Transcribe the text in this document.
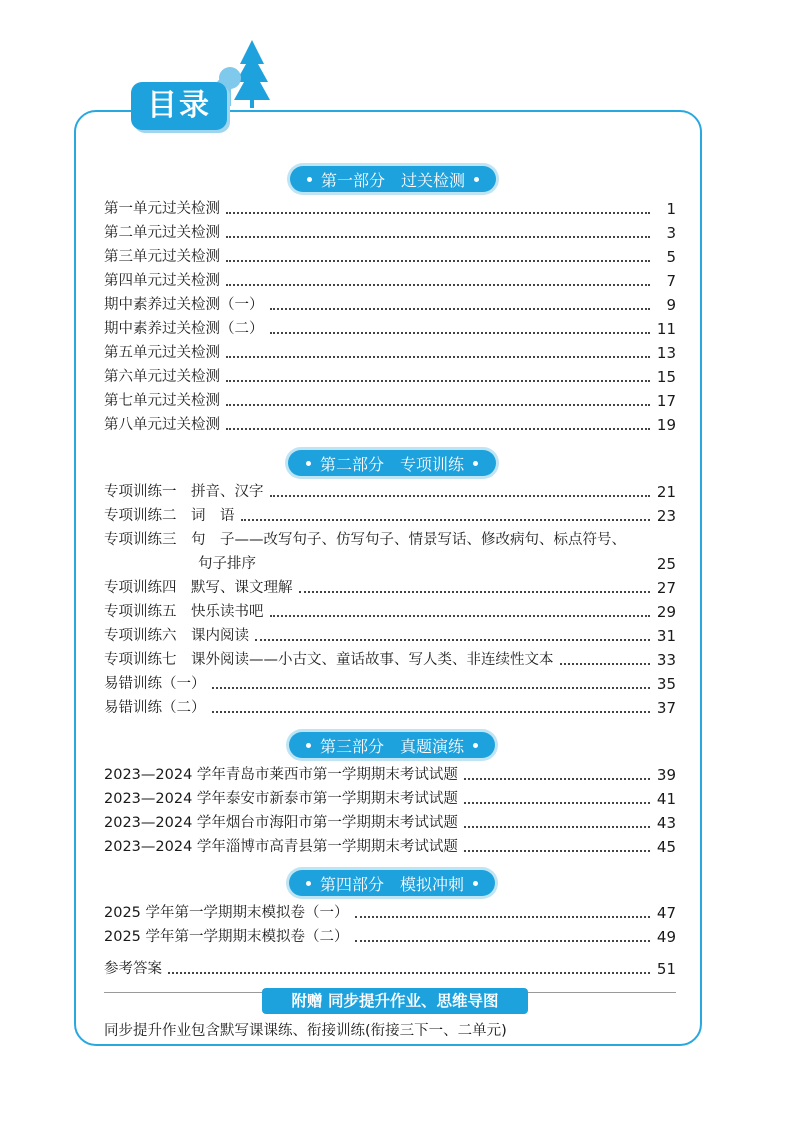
目录
第一部分　过关检测
第一单元过关检测	1
第二单元过关检测	3
第三单元过关检测	5
第四单元过关检测	7
期中素养过关检测（一）	9
期中素养过关检测（二）	11
第五单元过关检测	13
第六单元过关检测	15
第七单元过关检测	17
第八单元过关检测	19
第二部分　专项训练
专项训练一　拼音、汉字	21
专项训练二　词　语	23
专项训练三　句　子——改写句子、仿写句子、情景写话、修改病句、标点符号、
句子排序	25
专项训练四　默写、课文理解	27
专项训练五　快乐读书吧	29
专项训练六　课内阅读	31
专项训练七　课外阅读——小古文、童话故事、写人类、非连续性文本	33
易错训练（一）	35
易错训练（二）	37
第三部分　真题演练
2023—2024 学年青岛市莱西市第一学期期末考试试题	39
2023—2024 学年泰安市新泰市第一学期期末考试试题	41
2023—2024 学年烟台市海阳市第一学期期末考试试题	43
2023—2024 学年淄博市高青县第一学期期末考试试题	45
第四部分　模拟冲刺
2025 学年第一学期期末模拟卷（一）	47
2025 学年第一学期期末模拟卷（二）	49
参考答案	51
附赠 同步提升作业、思维导图
同步提升作业包含默写课课练、衔接训练(衔接三下一、二单元)
